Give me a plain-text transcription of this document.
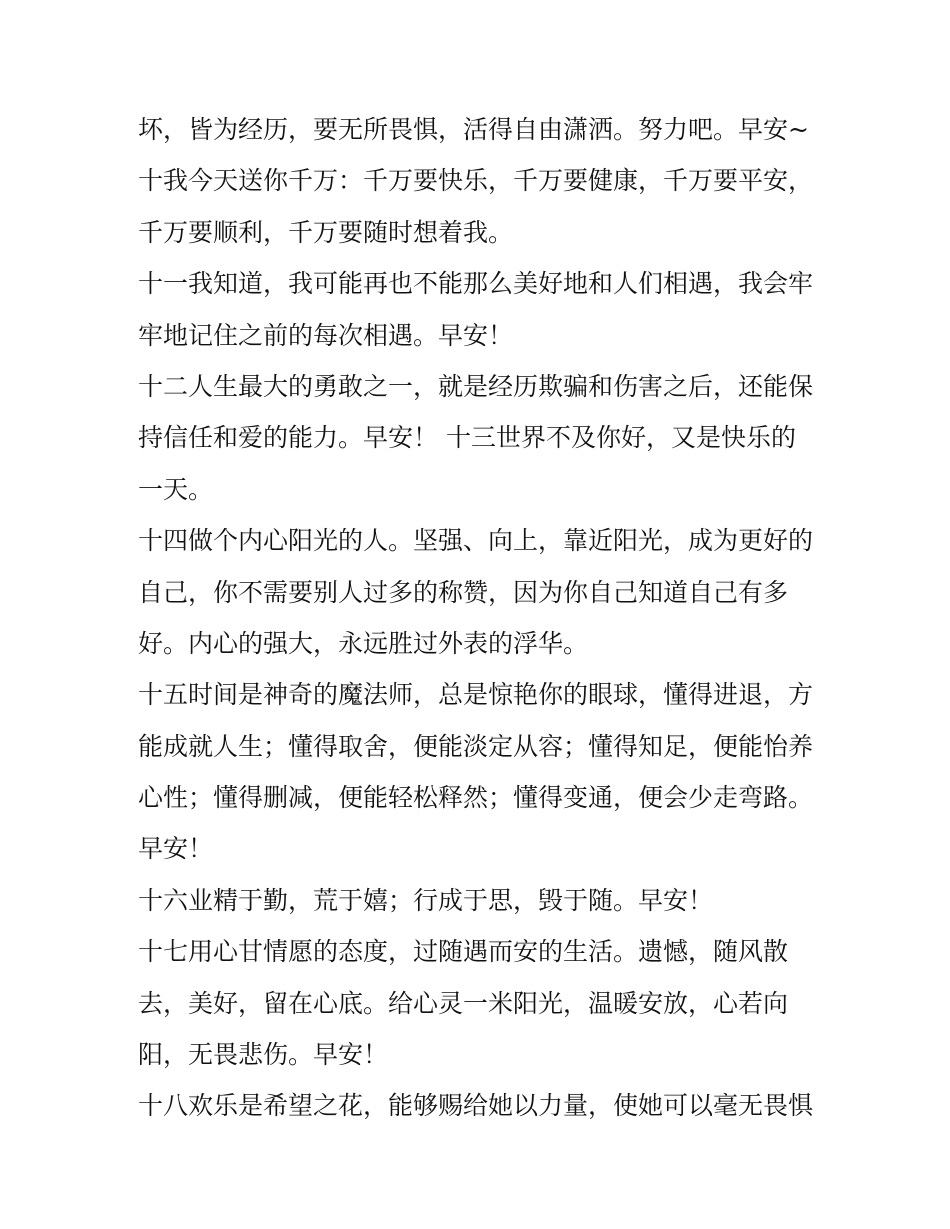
坏，皆为经历，要无所畏惧，活得自由潇洒。努力吧。早安~
十我今天送你千万：千万要快乐，千万要健康，千万要平安，
千万要顺利，千万要随时想着我。
十一我知道，我可能再也不能那么美好地和人们相遇，我会牢
牢地记住之前的每次相遇。早安！
十二人生最大的勇敢之一，就是经历欺骗和伤害之后，还能保
持信任和爱的能力。早安！ 十三世界不及你好，又是快乐的
一天。
十四做个内心阳光的人。坚强、向上，靠近阳光，成为更好的
自己，你不需要别人过多的称赞，因为你自己知道自己有多
好。内心的强大，永远胜过外表的浮华。
十五时间是神奇的魔法师，总是惊艳你的眼球，懂得进退，方
能成就人生；懂得取舍，便能淡定从容；懂得知足，便能怡养
心性；懂得删减，便能轻松释然；懂得变通，便会少走弯路。
早安！
十六业精于勤，荒于嬉；行成于思，毁于随。早安！
十七用心甘情愿的态度，过随遇而安的生活。遗憾，随风散
去，美好，留在心底。给心灵一米阳光，温暖安放，心若向
阳，无畏悲伤。早安！
十八欢乐是希望之花，能够赐给她以力量，使她可以毫无畏惧
